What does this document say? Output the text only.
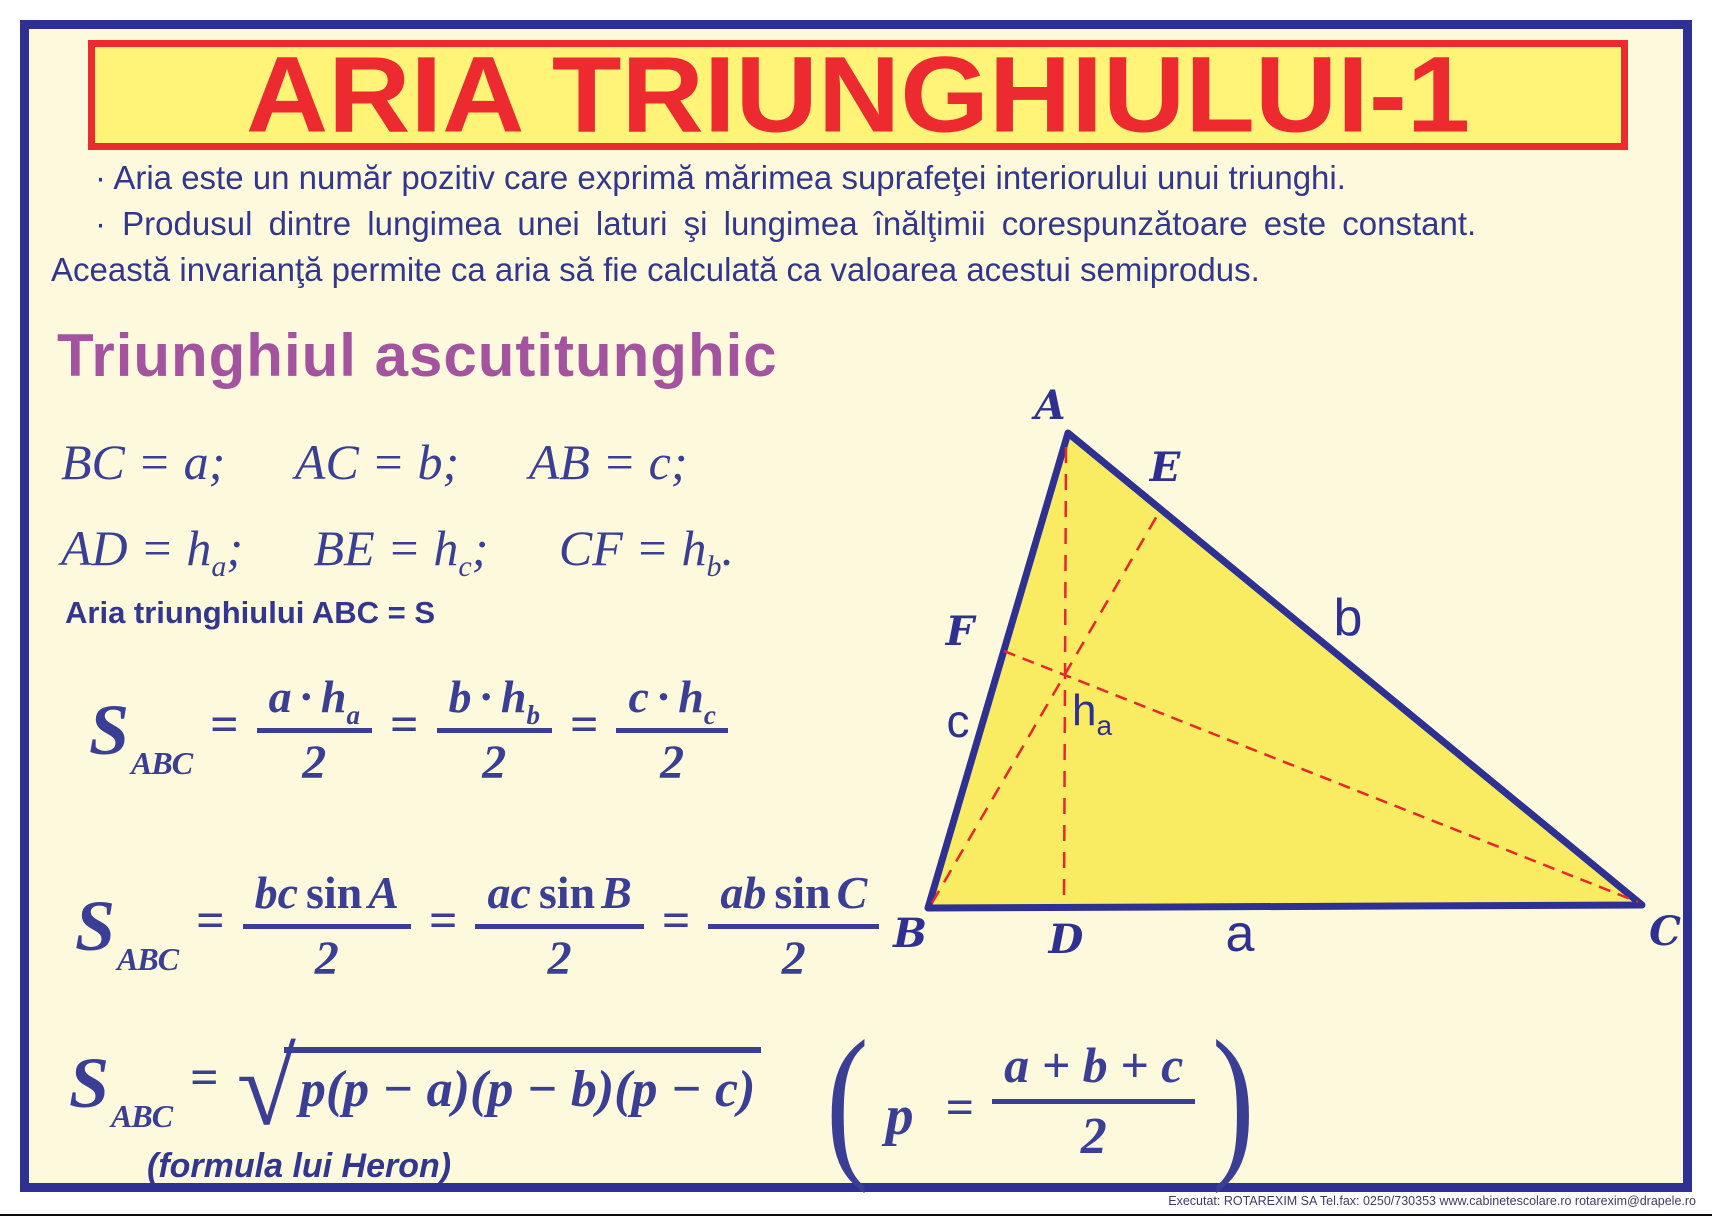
ARIA TRIUNGHIULUI-1
· Aria este un număr pozitiv care exprimă mărimea suprafeţei interiorului unui triunghi.
· Produsul dintre lungimea unei laturi şi lungimea înălţimii corespunzătoare este constant.
Această invarianţă permite ca aria să fie calculată ca valoarea acestui semiprodus.
Triunghiul ascutitunghic
BC = a; AC = b; AB = c;
AD = $h_a$; BE = $h_c$; CF = $h_b$.
Aria triunghiului ABC = S
SABC
= $\frac{a \cdot h_a}{2} = \frac{b \cdot h_b}{2} = \frac{c \cdot h_c}{2}$
SABC
= $\frac{\text{bc sin A}}{2} = \frac{\text{ac sin B}}{2} = \frac{\text{ab sin C}}{2}$
SABC
= √ p(p − a)(p − b)(p − c)
(formula lui Heron) ( $p = \frac{a + b + c}{2}$ )
A
E
F
B	D	C
a
b
c $h_a$
Executat: ROTAREXIM SA Tel.fax: 0250/730353 www.cabinetescolare.ro rotarexim@drapele.ro
